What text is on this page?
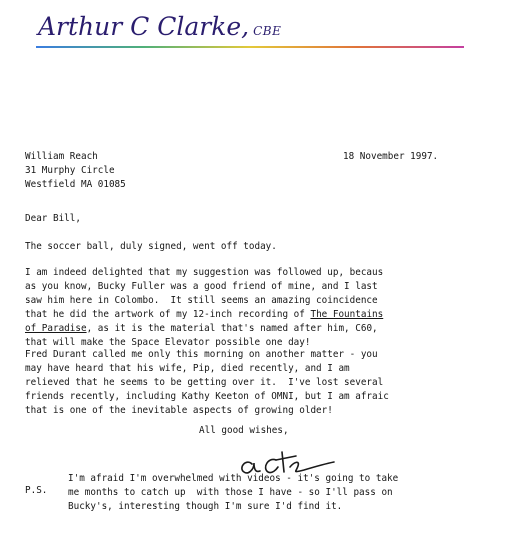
Arthur C Clarke, CBE
William Reach
31 Murphy Circle
Westfield MA 01085
18 November 1997.
Dear Bill,
The soccer ball, duly signed, went off today.
I am indeed delighted that my suggestion was followed up, becaus
as you know, Bucky Fuller was a good friend of mine, and I last
saw him here in Colombo.  It still seems an amazing coincidence
that he did the artwork of my 12-inch recording of The Fountains
of Paradise, as it is the material that's named after him, C60,
that will make the Space Elevator possible one day!
Fred Durant called me only this morning on another matter - you
may have heard that his wife, Pip, died recently, and I am
relieved that he seems to be getting over it.  I've lost several
friends recently, including Kathy Keeton of OMNI, but I am afraic
that is one of the inevitable aspects of growing older!
All good wishes,
P.S.
I'm afraid I'm overwhelmed with videos - it's going to take
me months to catch up  with those I have - so I'll pass on
Bucky's, interesting though I'm sure I'd find it.
